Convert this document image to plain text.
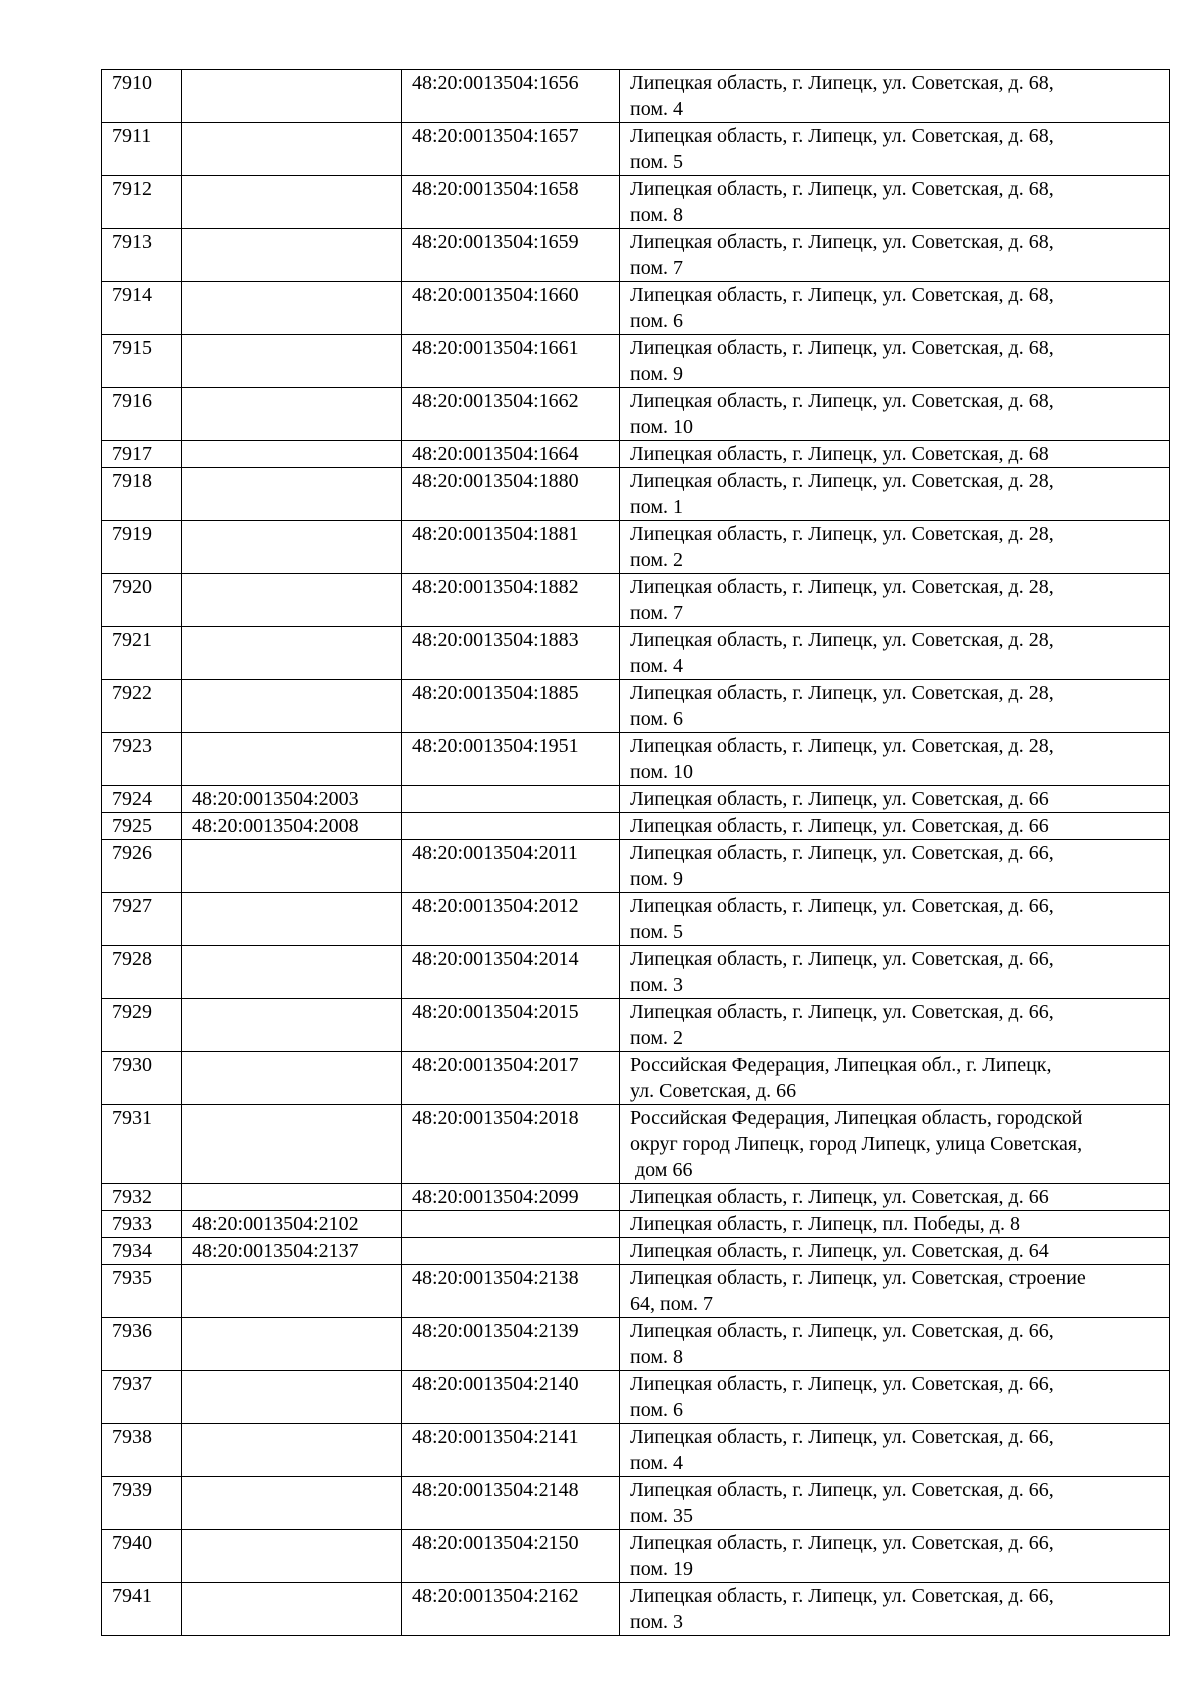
7910		48:20:0013504:1656	Липецкая область, г. Липецк, ул. Советская, д. 68,
пом. 4
7911		48:20:0013504:1657	Липецкая область, г. Липецк, ул. Советская, д. 68,
пом. 5
7912		48:20:0013504:1658	Липецкая область, г. Липецк, ул. Советская, д. 68,
пом. 8
7913		48:20:0013504:1659	Липецкая область, г. Липецк, ул. Советская, д. 68,
пом. 7
7914		48:20:0013504:1660	Липецкая область, г. Липецк, ул. Советская, д. 68,
пом. 6
7915		48:20:0013504:1661	Липецкая область, г. Липецк, ул. Советская, д. 68,
пом. 9
7916		48:20:0013504:1662	Липецкая область, г. Липецк, ул. Советская, д. 68,
пом. 10
7917		48:20:0013504:1664	Липецкая область, г. Липецк, ул. Советская, д. 68
7918		48:20:0013504:1880	Липецкая область, г. Липецк, ул. Советская, д. 28,
пом. 1
7919		48:20:0013504:1881	Липецкая область, г. Липецк, ул. Советская, д. 28,
пом. 2
7920		48:20:0013504:1882	Липецкая область, г. Липецк, ул. Советская, д. 28,
пом. 7
7921		48:20:0013504:1883	Липецкая область, г. Липецк, ул. Советская, д. 28,
пом. 4
7922		48:20:0013504:1885	Липецкая область, г. Липецк, ул. Советская, д. 28,
пом. 6
7923		48:20:0013504:1951	Липецкая область, г. Липецк, ул. Советская, д. 28,
пом. 10
7924	48:20:0013504:2003		Липецкая область, г. Липецк, ул. Советская, д. 66
7925	48:20:0013504:2008		Липецкая область, г. Липецк, ул. Советская, д. 66
7926		48:20:0013504:2011	Липецкая область, г. Липецк, ул. Советская, д. 66,
пом. 9
7927		48:20:0013504:2012	Липецкая область, г. Липецк, ул. Советская, д. 66,
пом. 5
7928		48:20:0013504:2014	Липецкая область, г. Липецк, ул. Советская, д. 66,
пом. 3
7929		48:20:0013504:2015	Липецкая область, г. Липецк, ул. Советская, д. 66,
пом. 2
7930		48:20:0013504:2017	Российская Федерация, Липецкая обл., г. Липецк,
ул. Советская, д. 66
7931		48:20:0013504:2018	Российская Федерация, Липецкая область, городской
округ город Липецк, город Липецк, улица Советская,
дом 66
7932		48:20:0013504:2099	Липецкая область, г. Липецк, ул. Советская, д. 66
7933	48:20:0013504:2102		Липецкая область, г. Липецк, пл. Победы, д. 8
7934	48:20:0013504:2137		Липецкая область, г. Липецк, ул. Советская, д. 64
7935		48:20:0013504:2138	Липецкая область, г. Липецк, ул. Советская, строение
64, пом. 7
7936		48:20:0013504:2139	Липецкая область, г. Липецк, ул. Советская, д. 66,
пом. 8
7937		48:20:0013504:2140	Липецкая область, г. Липецк, ул. Советская, д. 66,
пом. 6
7938		48:20:0013504:2141	Липецкая область, г. Липецк, ул. Советская, д. 66,
пом. 4
7939		48:20:0013504:2148	Липецкая область, г. Липецк, ул. Советская, д. 66,
пом. 35
7940		48:20:0013504:2150	Липецкая область, г. Липецк, ул. Советская, д. 66,
пом. 19
7941		48:20:0013504:2162	Липецкая область, г. Липецк, ул. Советская, д. 66,
пом. 3
